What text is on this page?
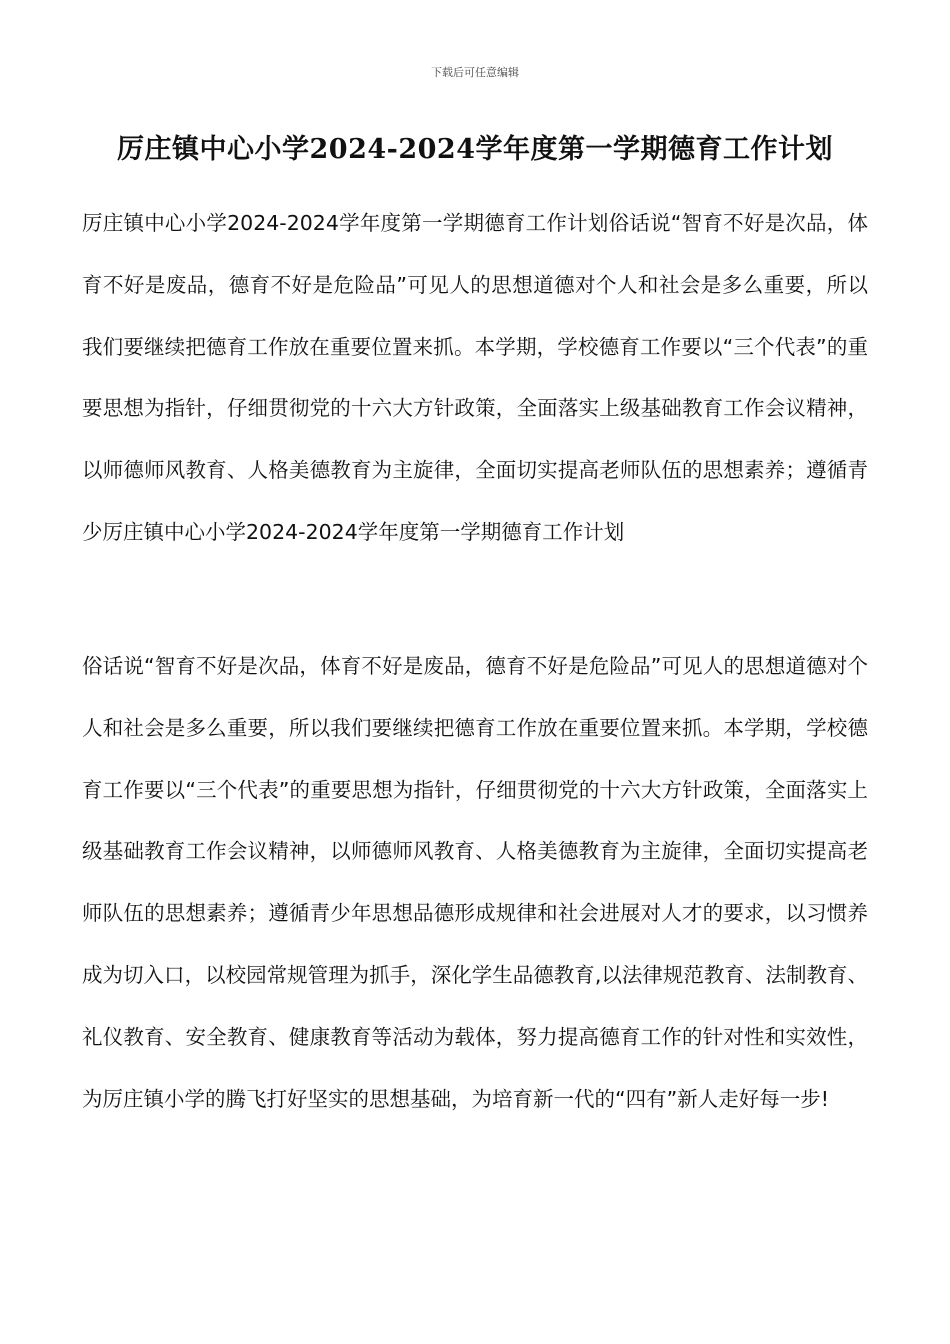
下载后可任意编辑
厉庄镇中心小学2024-2024学年度第一学期德育工作计划

厉庄镇中心小学2024-2024学年度第一学期德育工作计划俗话说“智育不好是次品，体育不好是废品，德育不好是危险品”可见人的思想道德对个人和社会是多么重要，所以我们要继续把德育工作放在重要位置来抓。本学期，学校德育工作要以“三个代表”的重要思想为指针，仔细贯彻党的十六大方针政策，全面落实上级基础教育工作会议精神，以师德师风教育、人格美德教育为主旋律，全面切实提高老师队伍的思想素养；遵循青少厉庄镇中心小学2024-2024学年度第一学期德育工作计划

俗话说“智育不好是次品，体育不好是废品，德育不好是危险品”可见人的思想道德对个人和社会是多么重要，所以我们要继续把德育工作放在重要位置来抓。本学期，学校德育工作要以“三个代表”的重要思想为指针，仔细贯彻党的十六大方针政策，全面落实上级基础教育工作会议精神，以师德师风教育、人格美德教育为主旋律，全面切实提高老师队伍的思想素养；遵循青少年思想品德形成规律和社会进展对人才的要求，以习惯养成为切入口，以校园常规管理为抓手，深化学生品德教育,以法律规范教育、法制教育、礼仪教育、安全教育、健康教育等活动为载体，努力提高德育工作的针对性和实效性，为厉庄镇小学的腾飞打好坚实的思想基础，为培育新一代的“四有”新人走好每一步!
